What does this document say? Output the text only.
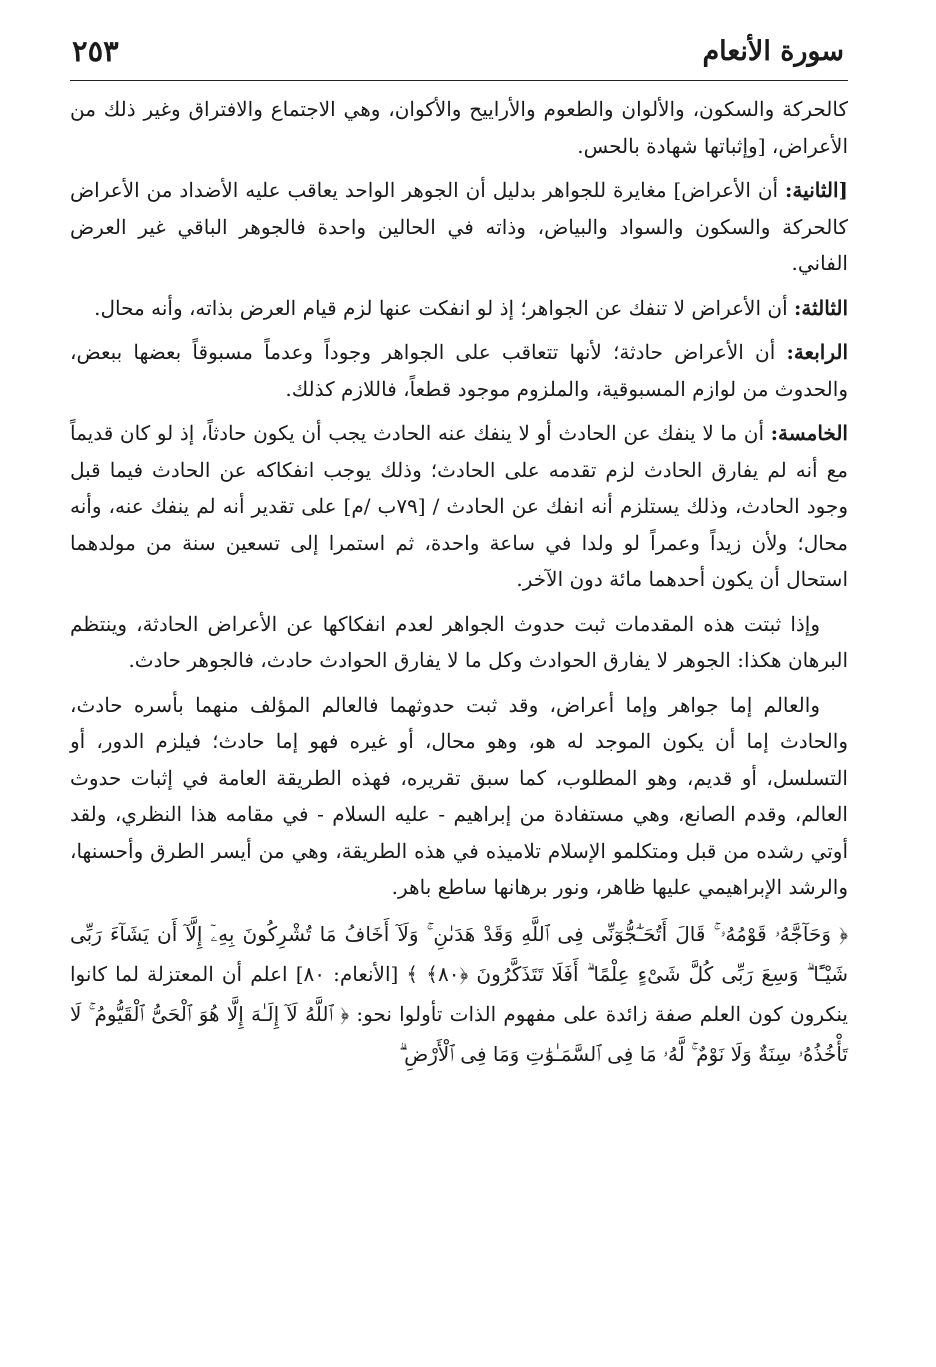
سورة الأنعام
٢٥٣

كالحركة والسكون، والألوان والطعوم والأراييح والأكوان، وهي الاجتماع والافتراق وغير ذلك من الأعراض، [وإثباتها شهادة بالحس.

[الثانية: أن الأعراض] مغايرة للجواهر بدليل أن الجوهر الواحد يعاقب عليه الأضداد من الأعراض كالحركة والسكون والسواد والبياض، وذاته في الحالين واحدة فالجوهر الباقي غير العرض الفاني.

الثالثة: أن الأعراض لا تنفك عن الجواهر؛ إذ لو انفكت عنها لزم قيام العرض بذاته، وأنه محال.

الرابعة: أن الأعراض حادثة؛ لأنها تتعاقب على الجواهر وجوداً وعدماً مسبوقاً بعضها ببعض، والحدوث من لوازم المسبوقية، والملزوم موجود قطعاً، فاللازم كذلك.

الخامسة: أن ما لا ينفك عن الحادث أو لا ينفك عنه الحادث يجب أن يكون حادثاً، إذ لو كان قديماً مع أنه لم يفارق الحادث لزم تقدمه على الحادث؛ وذلك يوجب انفكاكه عن الحادث فيما قبل وجود الحادث، وذلك يستلزم أنه انفك عن الحادث / [٧٩ب /م] على تقدير أنه لم ينفك عنه، وأنه محال؛ ولأن زيداً وعمراً لو ولدا في ساعة واحدة، ثم استمرا إلى تسعين سنة من مولدهما استحال أن يكون أحدهما مائة دون الآخر.

وإذا ثبتت هذه المقدمات ثبت حدوث الجواهر لعدم انفكاكها عن الأعراض الحادثة، وينتظم البرهان هكذا: الجوهر لا يفارق الحوادث وكل ما لا يفارق الحوادث حادث، فالجوهر حادث.

والعالم إما جواهر وإما أعراض، وقد ثبت حدوثهما فالعالم المؤلف منهما بأسره حادث، والحادث إما أن يكون الموجد له هو، وهو محال، أو غيره فهو إما حادث؛ فيلزم الدور، أو التسلسل، أو قديم، وهو المطلوب، كما سبق تقريره، فهذه الطريقة العامة في إثبات حدوث العالم، وقدم الصانع، وهي مستفادة من إبراهيم - عليه السلام - في مقامه هذا النظري، ولقد أوتي رشده من قبل ومتكلمو الإسلام تلاميذه في هذه الطريقة، وهي من أيسر الطرق وأحسنها، والرشد الإبراهيمي عليها ظاهر، ونور برهانها ساطع باهر.

﴿ وَحَآجَّهُۥ قَوْمُهُۥ ۚ قَالَ أَتُحَـٰٓجُّوٓنِّى فِى ٱللَّهِ وَقَدْ هَدَىٰنِ ۚ وَلَآ أَخَافُ مَا تُشْرِكُونَ بِهِۦٓ إِلَّآ أَن يَشَآءَ رَبِّى شَيْـًٔا ۗ وَسِعَ رَبِّى كُلَّ شَىْءٍ عِلْمًا ۗ أَفَلَا تَتَذَكَّرُونَ ﴿٨٠﴾ ﴾ [الأنعام: ٨٠] اعلم أن المعتزلة لما كانوا ينكرون كون العلم صفة زائدة على مفهوم الذات تأولوا نحو: ﴿ ٱللَّهُ لَآ إِلَـٰهَ إِلَّا هُوَ ٱلْحَىُّ ٱلْقَيُّومُ ۚ لَا تَأْخُذُهُۥ سِنَةٌ وَلَا نَوْمٌ ۚ لَّهُۥ مَا فِى ٱلسَّمَـٰوَٰتِ وَمَا فِى ٱلْأَرْضِ ۗ
